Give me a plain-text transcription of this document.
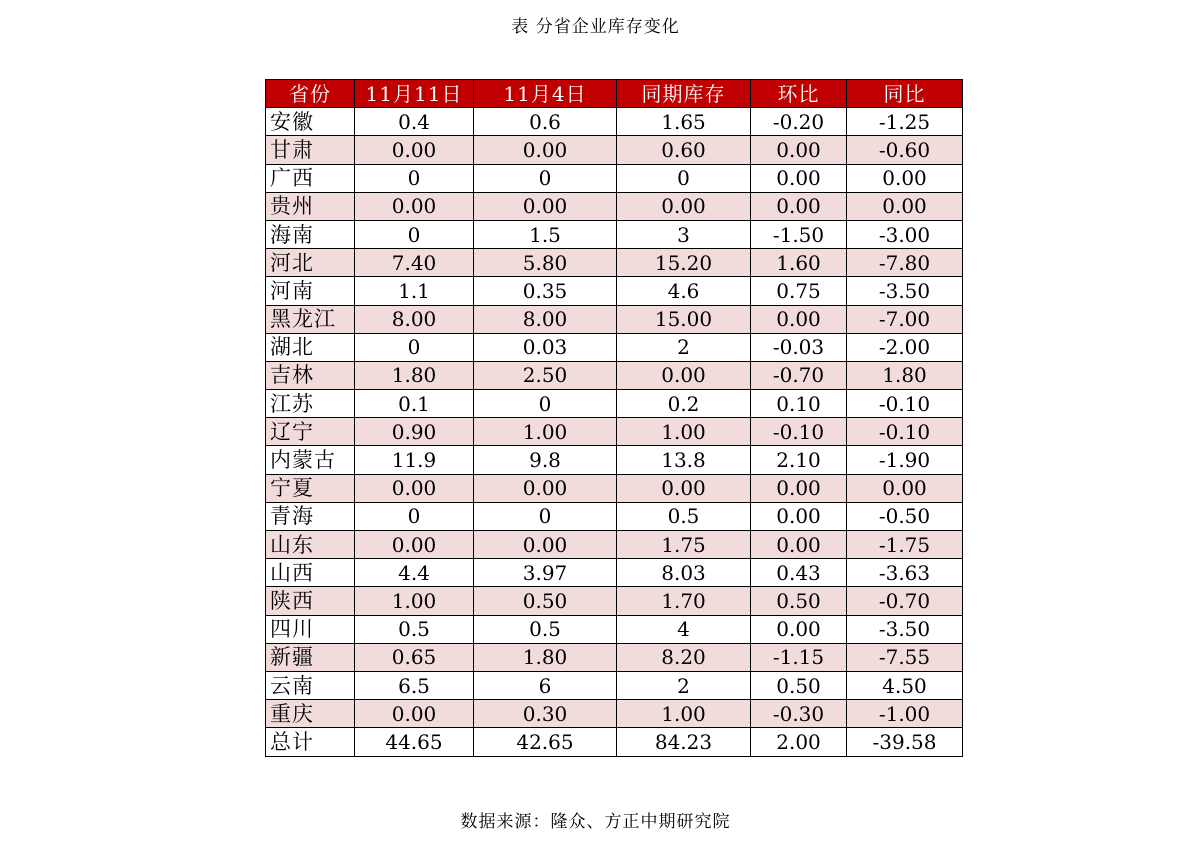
表 分省企业库存变化
省份	11月11日	11月4日	同期库存	环比	同比
安徽	0.4	0.6	1.65	-0.20	-1.25
甘肃	0.00	0.00	0.60	0.00	-0.60
广西	0	0	0	0.00	0.00
贵州	0.00	0.00	0.00	0.00	0.00
海南	0	1.5	3	-1.50	-3.00
河北	7.40	5.80	15.20	1.60	-7.80
河南	1.1	0.35	4.6	0.75	-3.50
黑龙江	8.00	8.00	15.00	0.00	-7.00
湖北	0	0.03	2	-0.03	-2.00
吉林	1.80	2.50	0.00	-0.70	1.80
江苏	0.1	0	0.2	0.10	-0.10
辽宁	0.90	1.00	1.00	-0.10	-0.10
内蒙古	11.9	9.8	13.8	2.10	-1.90
宁夏	0.00	0.00	0.00	0.00	0.00
青海	0	0	0.5	0.00	-0.50
山东	0.00	0.00	1.75	0.00	-1.75
山西	4.4	3.97	8.03	0.43	-3.63
陕西	1.00	0.50	1.70	0.50	-0.70
四川	0.5	0.5	4	0.00	-3.50
新疆	0.65	1.80	8.20	-1.15	-7.55
云南	6.5	6	2	0.50	4.50
重庆	0.00	0.30	1.00	-0.30	-1.00
总计	44.65	42.65	84.23	2.00	-39.58
数据来源：隆众、方正中期研究院
